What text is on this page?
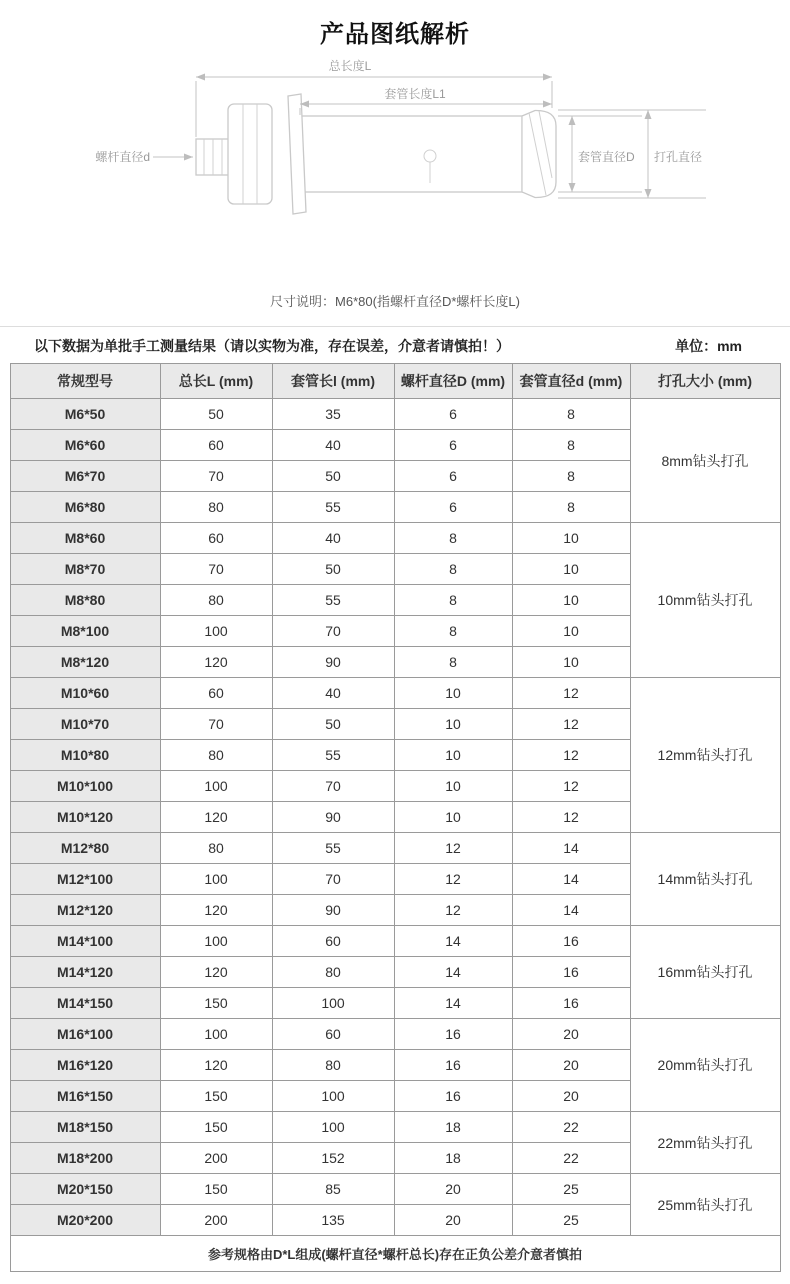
产品图纸解析
总长度L
套管长度L1
螺杆直径d	套管直径D 打孔直径

尺寸说明：M6*80(指螺杆直径D*螺杆长度L)

以下数据为单批手工测量结果（请以实物为准，存在误差，介意者请慎拍！）	单位：mm
常规型号	总长L (mm)	套管长l (mm)	螺杆直径D (mm)	套管直径d (mm)	打孔大小 (mm)
M6*50	50	35	6	8	8mm钻头打孔
M6*60	60	40	6	8	
M6*70	70	50	6	8	
M6*80	80	55	6	8	
M8*60	60	40	8	10	10mm钻头打孔
M8*70	70	50	8	10	
M8*80	80	55	8	10	
M8*100	100	70	8	10	
M8*120	120	90	8	10	
M10*60	60	40	10	12	12mm钻头打孔
M10*70	70	50	10	12	
M10*80	80	55	10	12	
M10*100	100	70	10	12	
M10*120	120	90	10	12	
M12*80	80	55	12	14	14mm钻头打孔
M12*100	100	70	12	14	
M12*120	120	90	12	14	
M14*100	100	60	14	16	16mm钻头打孔
M14*120	120	80	14	16	
M14*150	150	100	14	16	
M16*100	100	60	16	20	20mm钻头打孔
M16*120	120	80	16	20	
M16*150	150	100	16	20	
M18*150	150	100	18	22	22mm钻头打孔
M18*200	200	152	18	22	
M20*150	150	85	20	25	25mm钻头打孔
M20*200	200	135	20	25	
参考规格由D*L组成(螺杆直径*螺杆总长)存在正负公差介意者慎拍					
